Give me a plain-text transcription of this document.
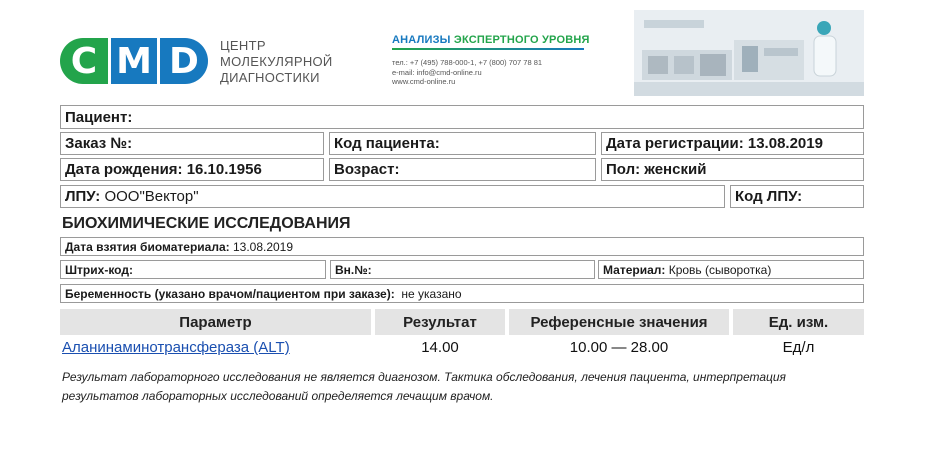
C M D	ЦЕНТР
МОЛЕКУЛЯРНОЙ
ДИАГНОСТИКИ
АНАЛИЗЫ ЭКСПЕРТНОГО УРОВНЯ
тел.: +7 (495) 788-000-1, +7 (800) 707 78 81
e-mail: info@cmd-online.ru
www.cmd-online.ru
Пациент:
Заказ №:	Код пациента:	Дата регистрации: 13.08.2019
Дата рождения: 16.10.1956	Возраст:	Пол:
женский
ЛПУ:
ООО"Вектор"	Код ЛПУ:
БИОХИМИЧЕСКИЕ ИССЛЕДОВАНИЯ
Дата взятия биоматериала:
13.08.2019
Штрих-код:	Вн.№:	Материал:
Кровь (сыворотка)
Беременность (указано врачом/пациентом при заказе):
не указано
Параметр	Результат	Референсные значения	Ед. изм.
Аланинаминотрансфераза (ALT)	14.00	10.00 — 28.00	Ед/л
Результат лабораторного исследования не является диагнозом. Тактика обследования, лечения пациента, интерпретация результатов лабораторных исследований определяется лечащим врачом.
